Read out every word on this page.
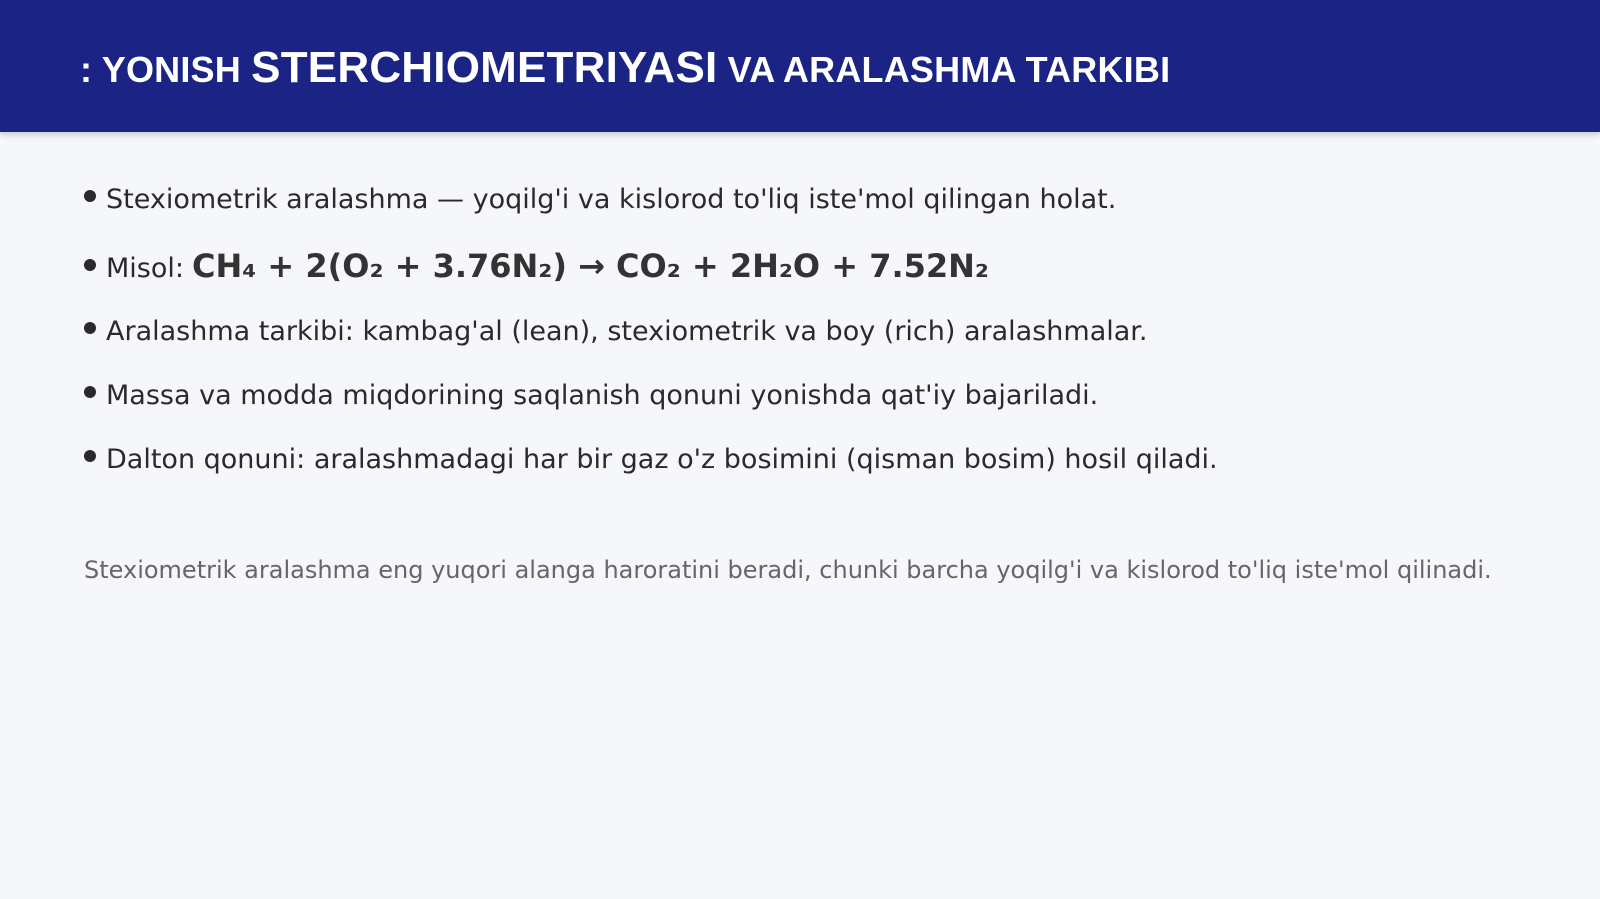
: YONISH STERCHIOMETRIYASI VA ARALASHMA TARKIBI
Stexiometrik aralashma — yoqilg'i va kislorod to'liq iste'mol qilingan holat.
Misol: CH₄ + 2(O₂ + 3.76N₂) → CO₂ + 2H₂O + 7.52N₂
Aralashma tarkibi: kambag'al (lean), stexiometrik va boy (rich) aralashmalar.
Massa va modda miqdorining saqlanish qonuni yonishda qat'iy bajariladi.
Dalton qonuni: aralashmadagi har bir gaz o'z bosimini (qisman bosim) hosil qiladi.

Stexiometrik aralashma eng yuqori alanga haroratini beradi, chunki barcha yoqilg'i va kislorod to'liq iste'mol qilinadi.
